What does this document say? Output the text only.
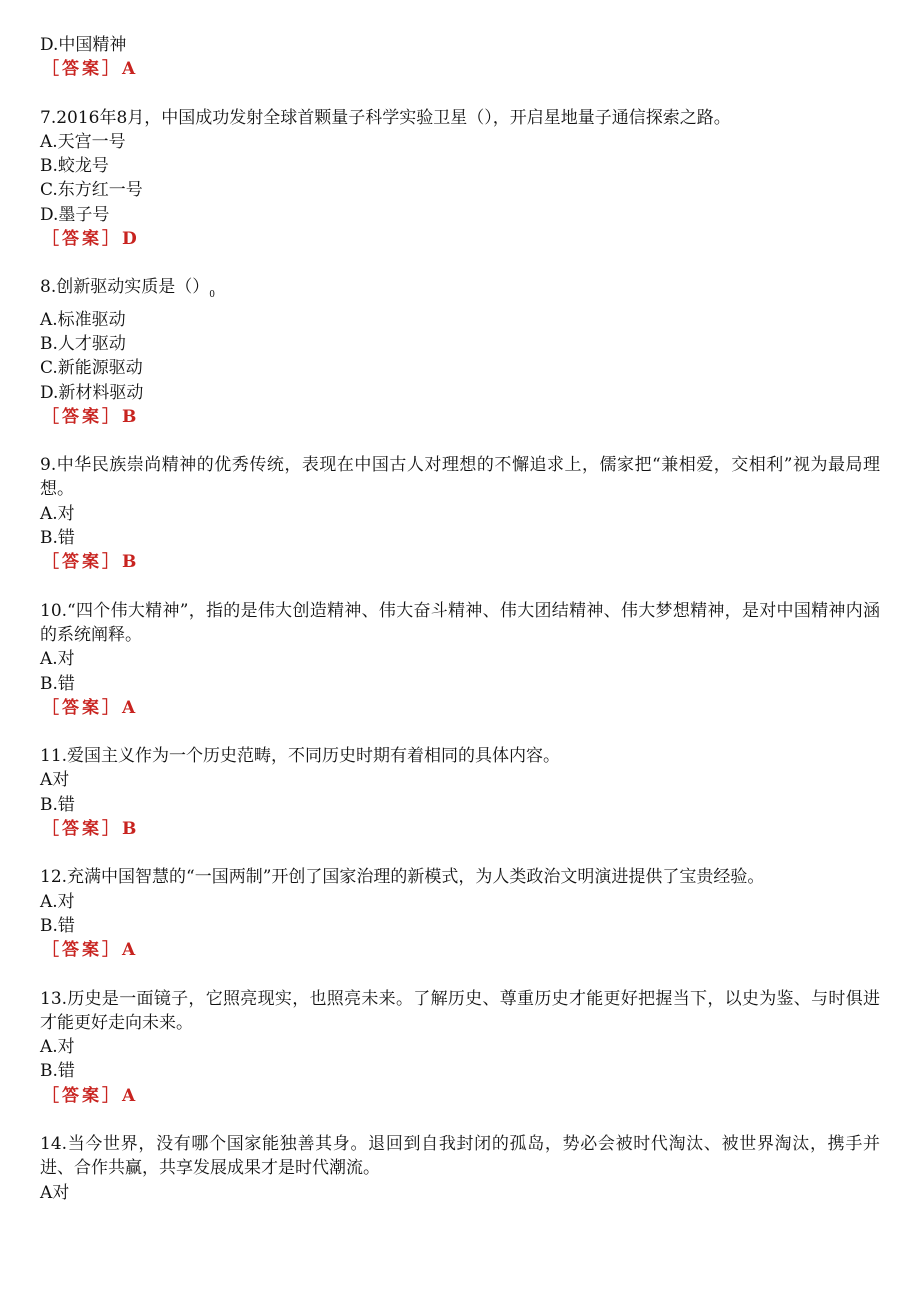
D.中国精神
［答案］A
7.2016年8月，中国成功发射全球首颗量子科学实验卫星（），开启星地量子通信探索之路。
A.天宫一号
B.蛟龙号
C.东方红一号
D.墨子号
［答案］D
8.创新驱动实质是$()_0$
A.标准驱动
B.人才驱动
C.新能源驱动
D.新材料驱动
［答案］B
9.中华民族崇尚精神的优秀传统，表现在中国古人对理想的不懈追求上，儒家把“兼相爱，交相利”视为最局理想。
A.对
B.错
［答案］B
10.“四个伟大精神”，指的是伟大创造精神、伟大奋斗精神、伟大团结精神、伟大梦想精神，是对中国精神内涵的系统阐释。
A.对
B.错
［答案］A
11.爱国主义作为一个历史范畴，不同历史时期有着相同的具体内容。
A对
B.错
［答案］B
12.充满中国智慧的“一国两制”开创了国家治理的新模式，为人类政治文明演进提供了宝贵经验。
A.对
B.错
［答案］A
13.历史是一面镜子，它照亮现实，也照亮未来。了解历史、尊重历史才能更好把握当下，以史为鉴、与时俱进才能更好走向未来。
A.对
B.错
［答案］A
14.当今世界，没有哪个国家能独善其身。退回到自我封闭的孤岛，势必会被时代淘汰、被世界淘汰，携手并进、合作共赢，共享发展成果才是时代潮流。
A对
